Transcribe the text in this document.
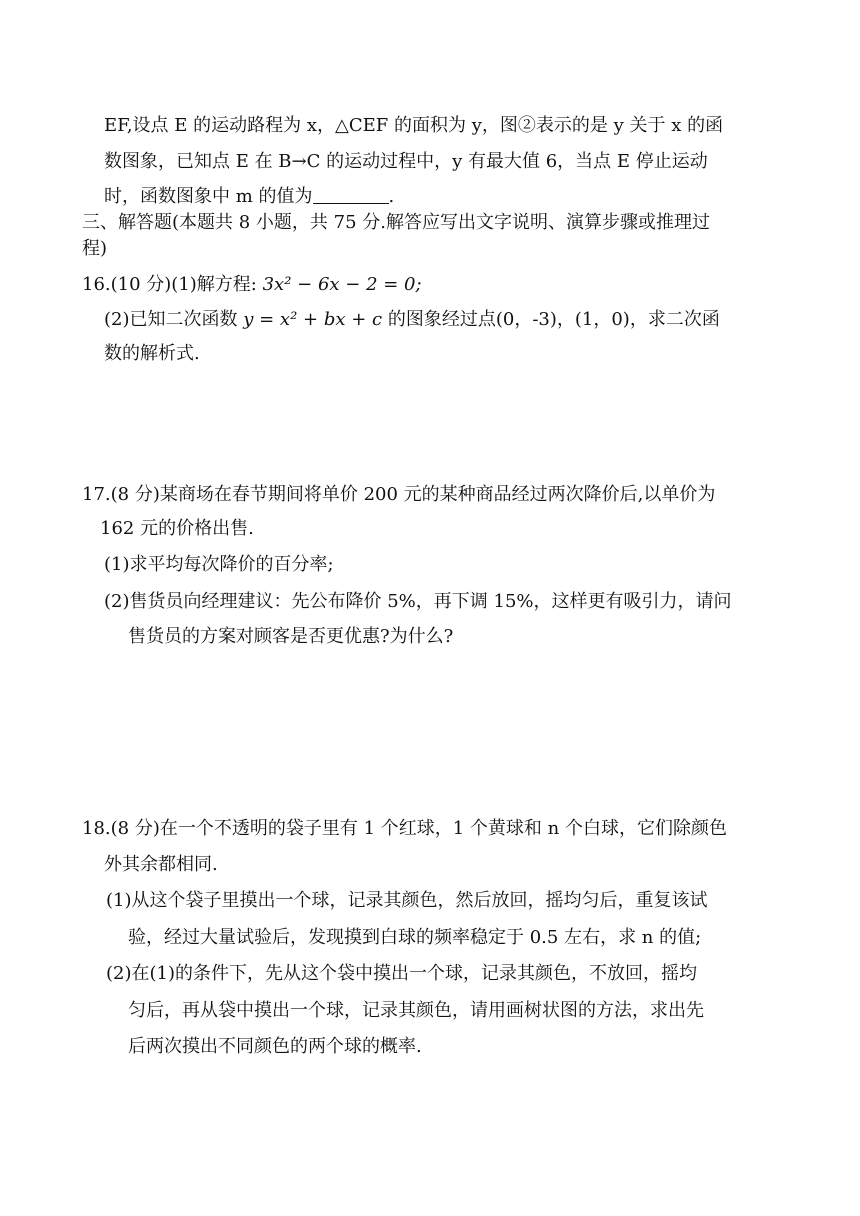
EF,设点 E 的运动路程为 x，△CEF 的面积为 y，图②表示的是 y 关于 x 的函
数图象，已知点 E 在 B→C 的运动过程中，y 有最大值 6，当点 E 停止运动
时，函数图象中 m 的值为	.
三、解答题(本题共 8 小题，共 75 分.解答应写出文字说明、演算步骤或推理过
程)
16.(10 分)(1)解方程: 3x² − 6x − 2 = 0;
(2)已知二次函数 y = x² + bx + c 的图象经过点(0，-3)，(1，0)，求二次函
数的解析式.
17.(8 分)某商场在春节期间将单价 200 元的某种商品经过两次降价后,以单价为
162 元的价格出售.
(1)求平均每次降价的百分率;
(2)售货员向经理建议：先公布降价 5%，再下调 15%，这样更有吸引力，请问
售货员的方案对顾客是否更优惠?为什么?
18.(8 分)在一个不透明的袋子里有 1 个红球，1 个黄球和 n 个白球，它们除颜色
外其余都相同.
(1)从这个袋子里摸出一个球，记录其颜色，然后放回，摇均匀后，重复该试
验，经过大量试验后，发现摸到白球的频率稳定于 0.5 左右，求 n 的值;
(2)在(1)的条件下，先从这个袋中摸出一个球，记录其颜色，不放回，摇均
匀后，再从袋中摸出一个球，记录其颜色，请用画树状图的方法，求出先
后两次摸出不同颜色的两个球的概率.
